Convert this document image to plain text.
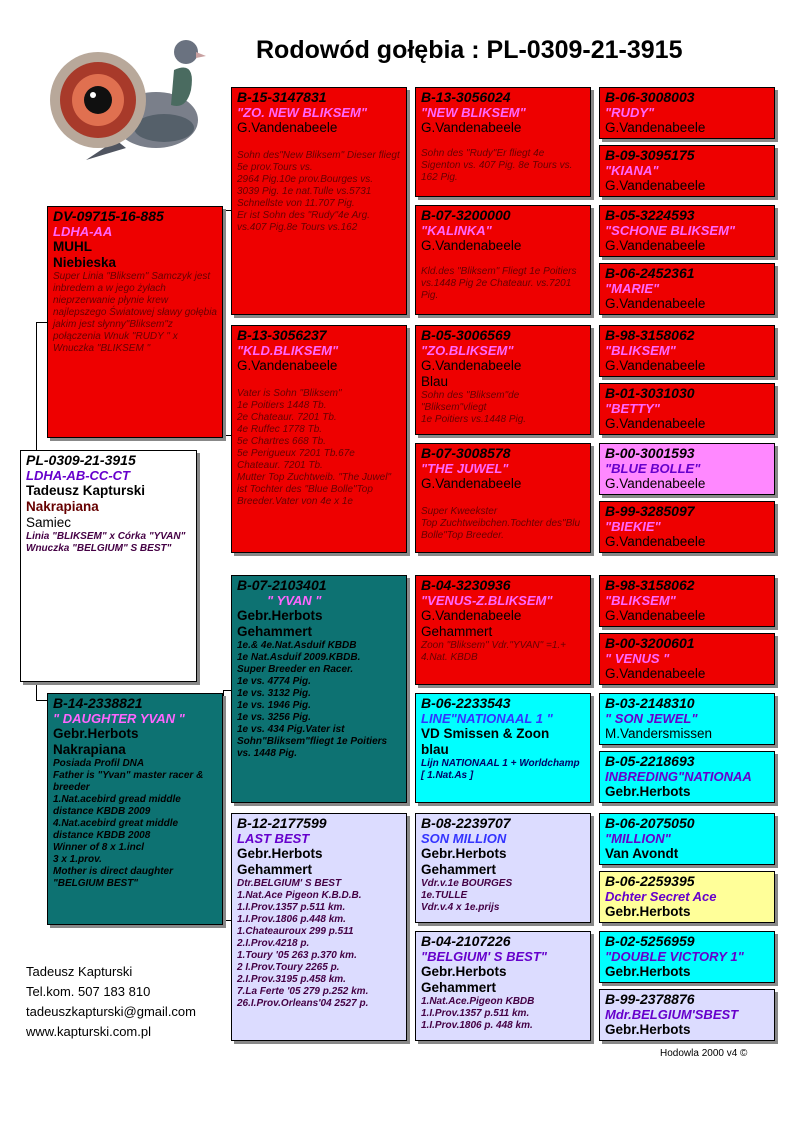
Rodowód gołębia : PL-0309-21-3915
PL-0309-21-3915
LDHA-AB-CC-CT
Tadeusz Kapturski
Nakrapiana
Samiec
Linia "BLIKSEM" x Córka "YVAN" Wnuczka "BELGIUM" S BEST"
DV-09715-16-885
LDHA-AA
MUHL
Niebieska
Super Linia "Bliksem" Samczyk jest inbredem a w jego żyłach nieprzerwanie płynie krew najlepszego Światowej sławy gołębia jakim jest słynny"Bliksem"z połączenia Wnuk "RUDY " x Wnuczka "BLIKSEM "
B-14-2338821
" DAUGHTER YVAN "
Gebr.Herbots
Nakrapiana
Posiada Profil DNA
Father is "Yvan" master racer & breeder
1.Nat.acebird gread middle distance KBDB 2009
4.Nat.acebird great middle distance KBDB 2008
Winner of 8 x 1.incl
3 x 1.prov.
Mother is direct daughter "BELGIUM BEST"
B-15-3147831
"ZO. NEW BLIKSEM"
G.Vandenabeele
Sohn des"New Bliksem" Dieser fliegt 5e prov.Tours vs.
2964 Pig.10e prov.Bourges vs.
3039 Pig. 1e nat.Tulle vs.5731
Schnellste von 11.707 Pig.
Er ist Sohn des "Rudy"4e Arg.
vs.407 Pig.8e Tours vs.162
B-13-3056237
"KLD.BLIKSEM"
G.Vandenabeele
Vater is Sohn "Bliksem"
1e Poitiers 1448 Tb.
2e Chateaur. 7201 Tb.
4e Ruffec 1778 Tb.
5e Chartres 668 Tb.
5e Perigueux 7201 Tb.67e Chateaur. 7201 Tb.
Mutter Top Zuchtweib. "The Juwel" ist Tochter des "Blue Bolle"Top Breeder.Vater von 4e x 1e
B-07-2103401
" YVAN "
Gebr.Herbots
Gehammert
1e.& 4e.Nat.Asduif KBDB
1e Nat.Asduif 2009.KBDB.
Super Breeder en Racer.
1e vs. 4774 Pig.
1e vs. 3132 Pig.
1e vs. 1946 Pig.
1e vs. 3256 Pig.
1e vs. 434 Pig.Vater ist Sohn"Bliksem"fliegt 1e Poitiers vs. 1448 Pig.
B-12-2177599
LAST BEST
Gebr.Herbots
Gehammert
Dtr.BELGIUM' S BEST
1.Nat.Ace Pigeon K.B.D.B.
1.I.Prov.1357 p.511 km.
1.I.Prov.1806 p.448 km.
1.Chateauroux 299 p.511
2.I.Prov.4218 p.
1.Toury '05 263 p.370 km.
2 I.Prov.Toury 2265 p.
2.I.Prov.3195 p.458 km.
7.La Ferte '05 279 p.252 km.
26.I.Prov.Orleans'04 2527 p.
B-13-3056024
"NEW BLIKSEM"
G.Vandenabeele
Sohn des "Rudy"Er fliegt 4e Sigenton vs. 407 Pig. 8e Tours vs. 162 Pig.
B-07-3200000
"KALINKA"
G.Vandenabeele
Kld.des "Bliksem" Fliegt 1e Poitiers vs.1448 Pig 2e Chateaur. vs.7201 Pig.
B-05-3006569
"ZO.BLIKSEM"
G.Vandenabeele
Blau
Sohn des "Bliksem"de "Bliksem"vliegt
1e Poitiers vs.1448 Pig.
B-07-3008578
"THE JUWEL"
G.Vandenabeele
Super Kweekster
Top Zuchtweibchen.Tochter des"Blu Bolle"Top Breeder.
B-04-3230936
"VENUS-Z.BLIKSEM"
G.Vandenabeele
Gehammert
Zoon "Bliksem" Vdr."YVAN" =1.+ 4.Nat. KBDB
B-06-2233543
LINE"NATIONAAL 1 "
VD Smissen & Zoon
blau
Lijn NATIONAAL 1 + Worldchamp [ 1.Nat.As ]
B-08-2239707
SON MILLION
Gebr.Herbots
Gehammert
Vdr.v.1e BOURGES
1e.TULLE
Vdr.v.4 x 1e.prijs
B-04-2107226
"BELGIUM' S BEST"
Gebr.Herbots
Gehammert
1.Nat.Ace.Pigeon KBDB
1.I.Prov.1357 p.511 km.
1.I.Prov.1806 p. 448 km.
B-06-3008003
"RUDY"
G.Vandenabeele
B-09-3095175
"KIANA"
G.Vandenabeele
B-05-3224593
"SCHONE BLIKSEM"
G.Vandenabeele
B-06-2452361
"MARIE"
G.Vandenabeele
B-98-3158062
"BLIKSEM"
G.Vandenabeele
B-01-3031030
"BETTY"
G.Vandenabeele
B-00-3001593
"BLUE BOLLE"
G.Vandenabeele
B-99-3285097
"BIEKIE"
G.Vandenabeele
B-98-3158062
"BLIKSEM"
G.Vandenabeele
B-00-3200601
" VENUS "
G.Vandenabeele
B-03-2148310
" SON JEWEL"
M.Vandersmissen
B-05-2218693
INBREDING"NATIONAA
Gebr.Herbots
B-06-2075050
"MILLION"
Van Avondt
B-06-2259395
Dchter Secret Ace
Gebr.Herbots
B-02-5256959
"DOUBLE VICTORY 1"
Gebr.Herbots
B-99-2378876
Mdr.BELGIUM'SBEST
Gebr.Herbots
Tadeusz Kapturski
Tel.kom. 507 183 810
tadeuszkapturski@gmail.com
www.kapturski.com.pl
Hodowla 2000 v4 ©
